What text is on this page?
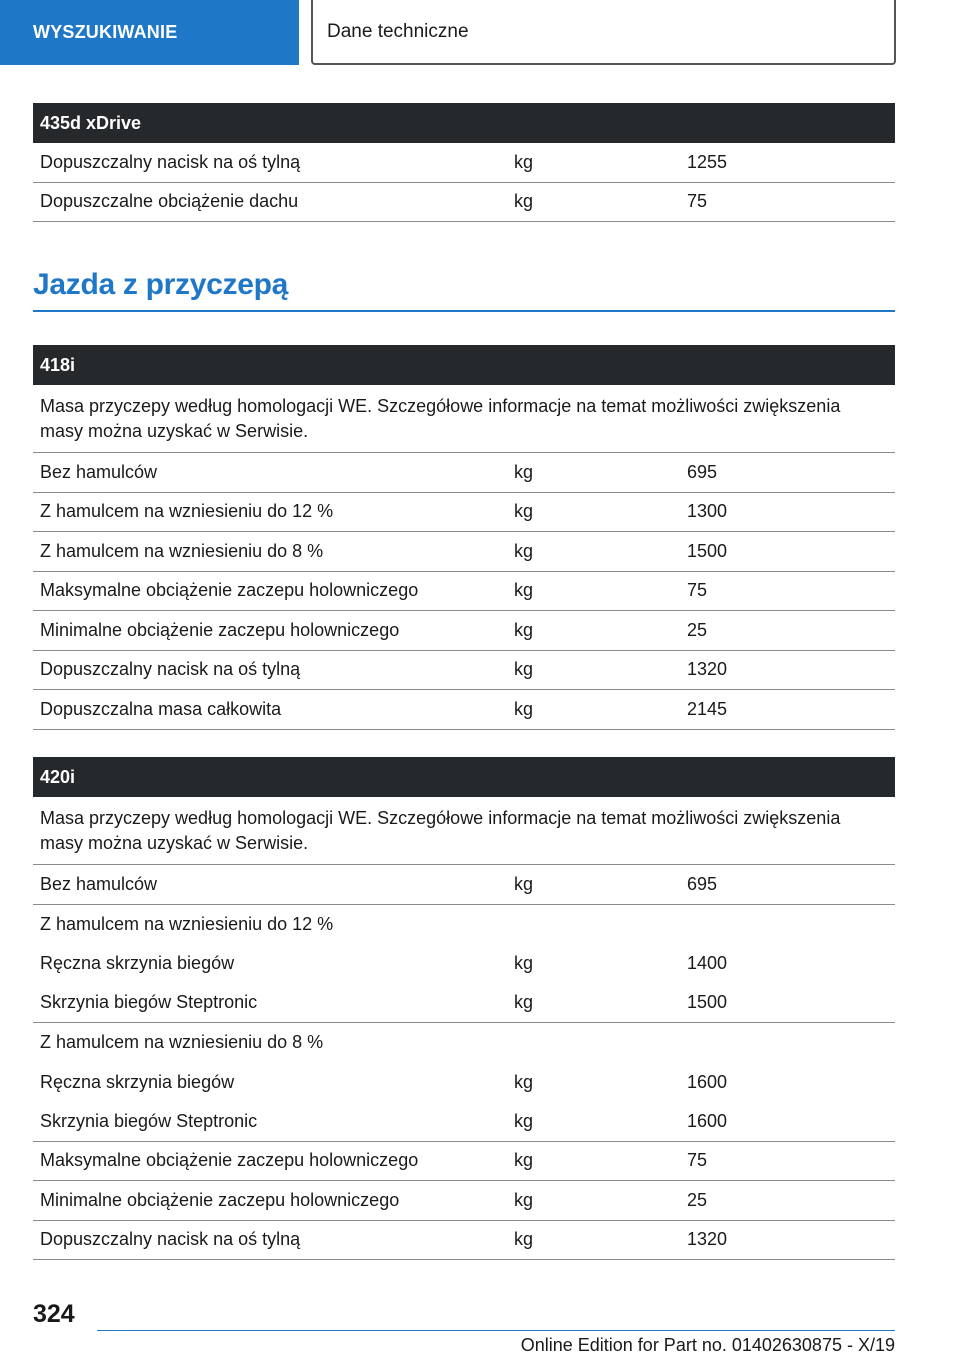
WYSZUKIWANIE	Dane techniczne
435d xDrive
Dopuszczalny nacisk na oś tylną	kg	1255
Dopuszczalne obciążenie dachu	kg	75
Jazda z przyczepą
418i
Masa przyczepy według homologacji WE. Szczegółowe informacje na temat możliwości zwiększenia masy można uzyskać w Serwisie.
Bez hamulców	kg	695
Z hamulcem na wzniesieniu do 12 %	kg	1300
Z hamulcem na wzniesieniu do 8 %	kg	1500
Maksymalne obciążenie zaczepu holowniczego	kg	75
Minimalne obciążenie zaczepu holowniczego	kg	25
Dopuszczalny nacisk na oś tylną	kg	1320
Dopuszczalna masa całkowita	kg	2145
420i
Masa przyczepy według homologacji WE. Szczegółowe informacje na temat możliwości zwiększenia masy można uzyskać w Serwisie.
Bez hamulców	kg	695
Z hamulcem na wzniesieniu do 12 %
Ręczna skrzynia biegów	kg	1400
Skrzynia biegów Steptronic	kg	1500
Z hamulcem na wzniesieniu do 8 %
Ręczna skrzynia biegów	kg	1600
Skrzynia biegów Steptronic	kg	1600
Maksymalne obciążenie zaczepu holowniczego	kg	75
Minimalne obciążenie zaczepu holowniczego	kg	25
Dopuszczalny nacisk na oś tylną	kg	1320
324
Online Edition for Part no. 01402630875 - X/19
